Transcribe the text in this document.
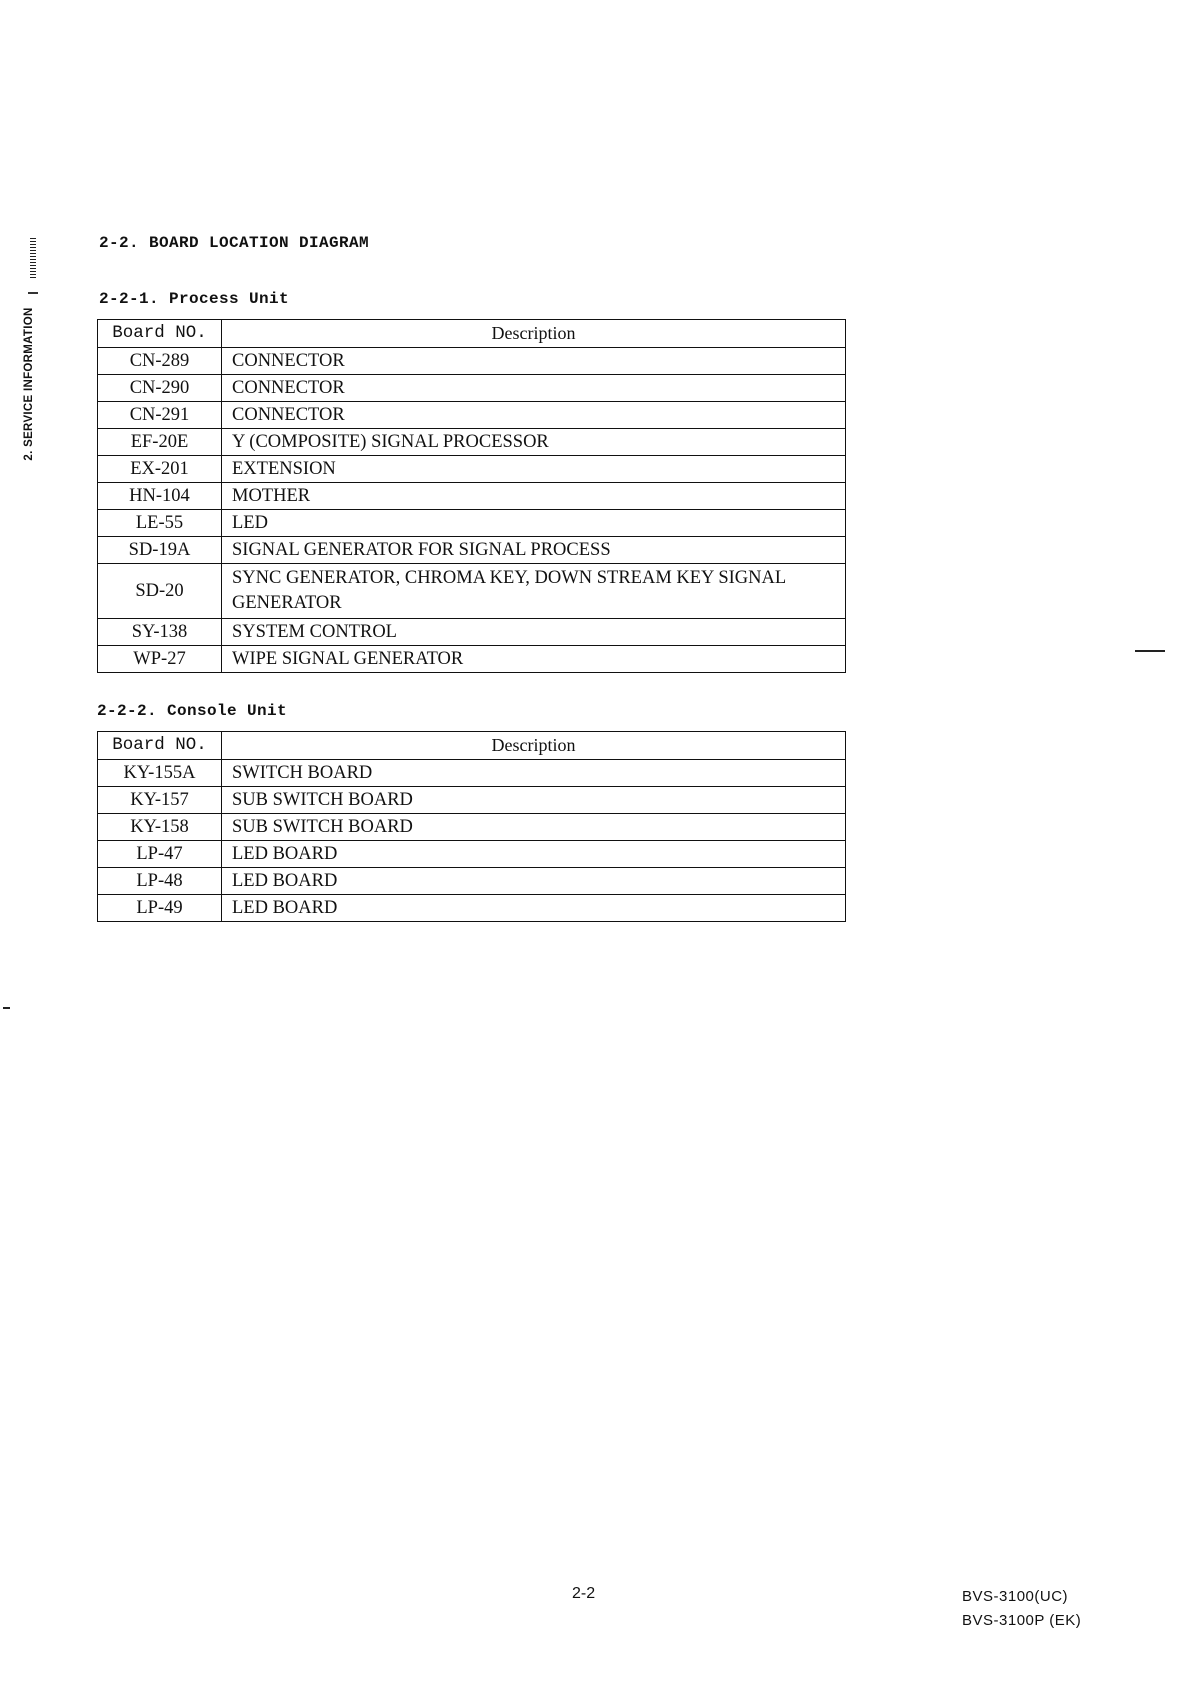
2. SERVICE INFORMATION
2-2. BOARD LOCATION DIAGRAM
2-2-1. Process Unit
Board NO.	Description
CN-289	CONNECTOR
CN-290	CONNECTOR
CN-291	CONNECTOR
EF-20E	Y (COMPOSITE) SIGNAL PROCESSOR
EX-201	EXTENSION
HN-104	MOTHER
LE-55	LED
SD-19A	SIGNAL GENERATOR FOR SIGNAL PROCESS
SD-20	SYNC GENERATOR, CHROMA KEY, DOWN STREAM KEY SIGNAL GENERATOR
SY-138	SYSTEM CONTROL
WP-27	WIPE SIGNAL GENERATOR
2-2-2. Console Unit
Board NO.	Description
KY-155A	SWITCH BOARD
KY-157	SUB SWITCH BOARD
KY-158	SUB SWITCH BOARD
LP-47	LED BOARD
LP-48	LED BOARD
LP-49	LED BOARD
2-2	BVS-3100(UC)
BVS-3100P (EK)
